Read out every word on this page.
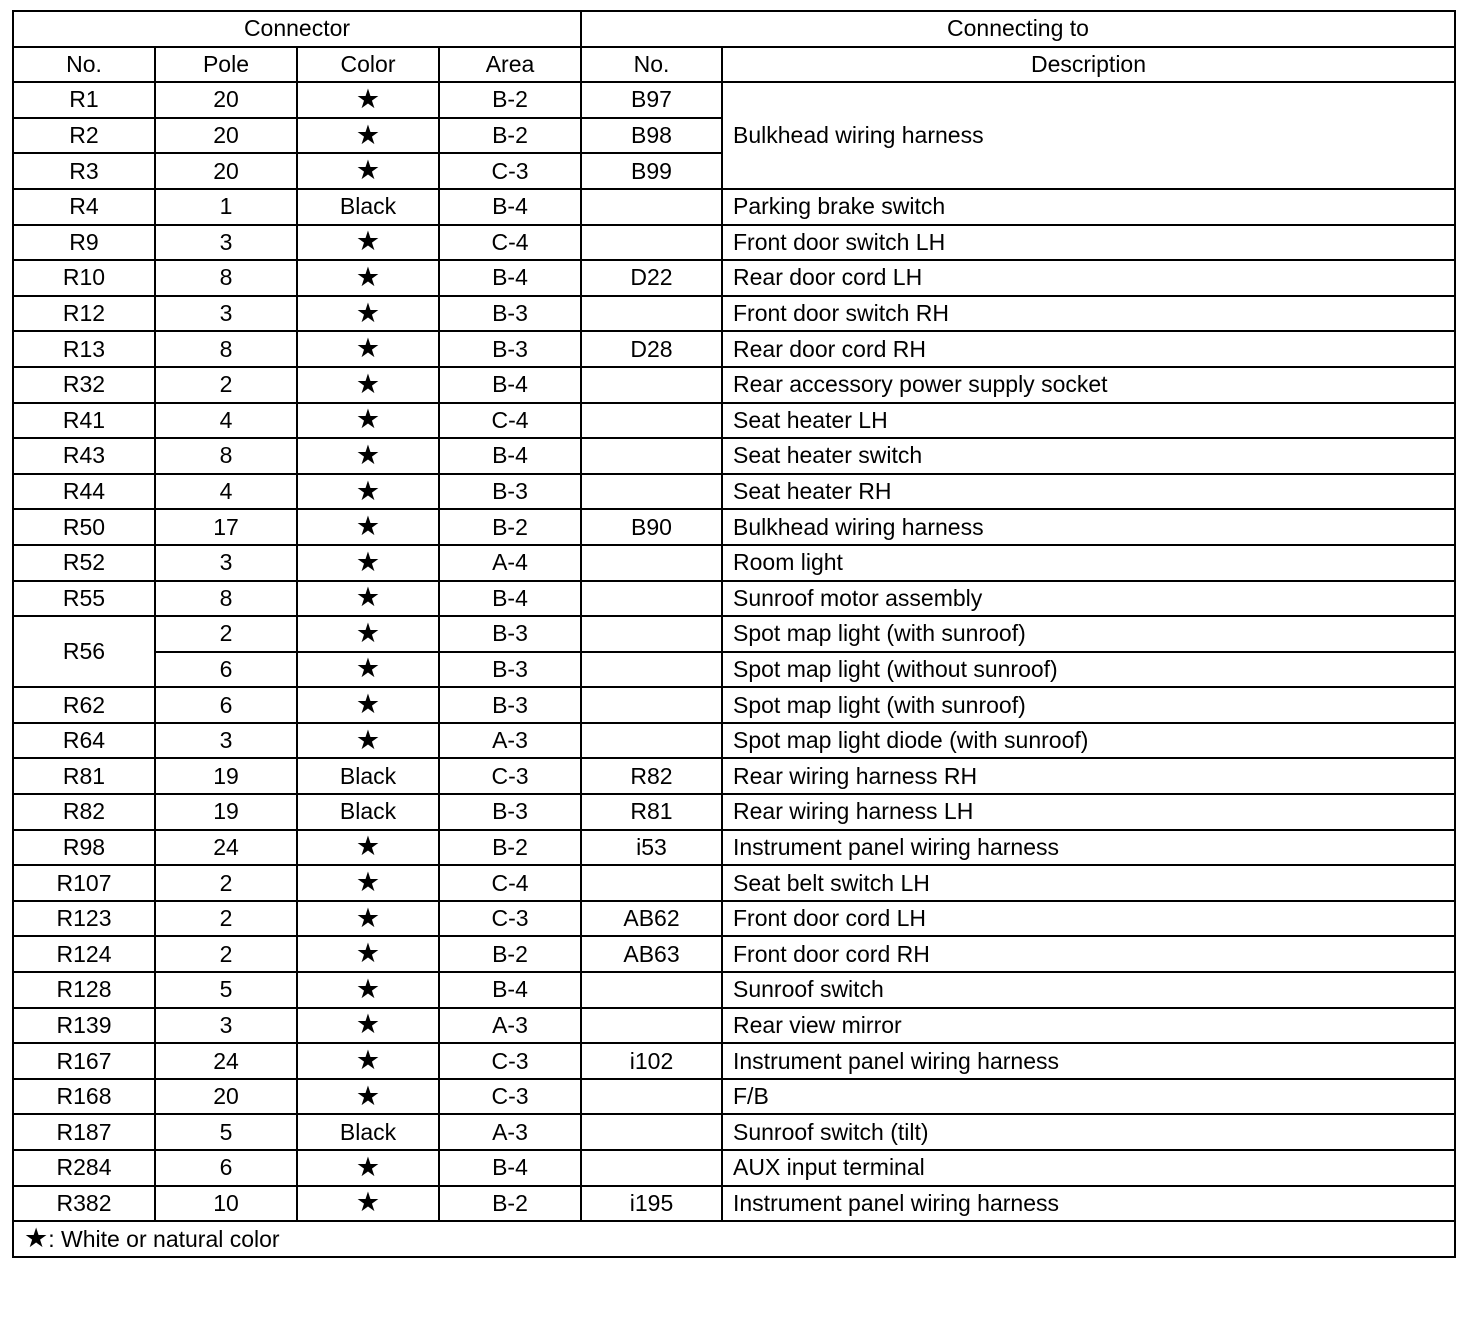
Connector				Connecting to	
No.	Pole	Color	Area	No.	Description
R1	20	★	B-2	B97	Bulkhead wiring harness
R2	20	★	B-2	B98	
R3	20	★	C-3	B99	
R4	1	Black	B-4		Parking brake switch
R9	3	★	C-4		Front door switch LH
R10	8	★	B-4	D22	Rear door cord LH
R12	3	★	B-3		Front door switch RH
R13	8	★	B-3	D28	Rear door cord RH
R32	2	★	B-4		Rear accessory power supply socket
R41	4	★	C-4		Seat heater LH
R43	8	★	B-4		Seat heater switch
R44	4	★	B-3		Seat heater RH
R50	17	★	B-2	B90	Bulkhead wiring harness
R52	3	★	A-4		Room light
R55	8	★	B-4		Sunroof motor assembly
R56	2	★	B-3		Spot map light (with sunroof)
	6	★	B-3		Spot map light (without sunroof)
R62	6	★	B-3		Spot map light (with sunroof)
R64	3	★	A-3		Spot map light diode (with sunroof)
R81	19	Black	C-3	R82	Rear wiring harness RH
R82	19	Black	B-3	R81	Rear wiring harness LH
R98	24	★	B-2	i53	Instrument panel wiring harness
R107	2	★	C-4		Seat belt switch LH
R123	2	★	C-3	AB62	Front door cord LH
R124	2	★	B-2	AB63	Front door cord RH
R128	5	★	B-4		Sunroof switch
R139	3	★	A-3		Rear view mirror
R167	24	★	C-3	i102	Instrument panel wiring harness
R168	20	★	C-3		F/B
R187	5	Black	A-3		Sunroof switch (tilt)
R284	6	★	B-4		AUX input terminal
R382	10	★	B-2	i195	Instrument panel wiring harness
★: White or natural color					
